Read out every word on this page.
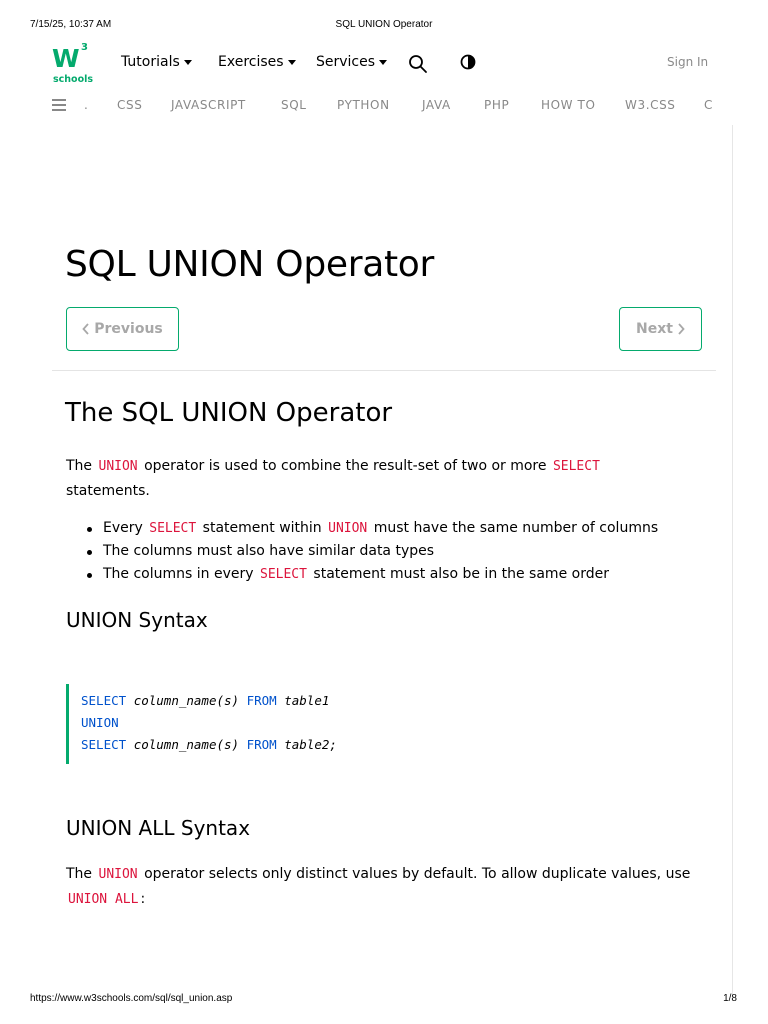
7/15/25, 10:37 AM	SQL UNION Operator
W 3
schools
Tutorials	Exercises Services	Sign In
. CSS JAVASCRIPT	SQL	PYTHON	JAVA	PHP	HOW TO W3.CSS C
SQL UNION Operator
Previous	Next
The SQL UNION Operator

The UNION operator is used to combine the result-set of two or more SELECT
statements.

Every SELECT statement within UNION must have the same number of columns
The columns must also have similar data types
The columns in every SELECT statement must also be in the same order
UNION Syntax
SELECT column_name(s) FROM table1
UNION
SELECT column_name(s) FROM table2;
UNION ALL Syntax

The UNION operator selects only distinct values by default. To allow duplicate values, use
UNION ALL :

https://www.w3schools.com/sql/sql_union.asp	1/8
